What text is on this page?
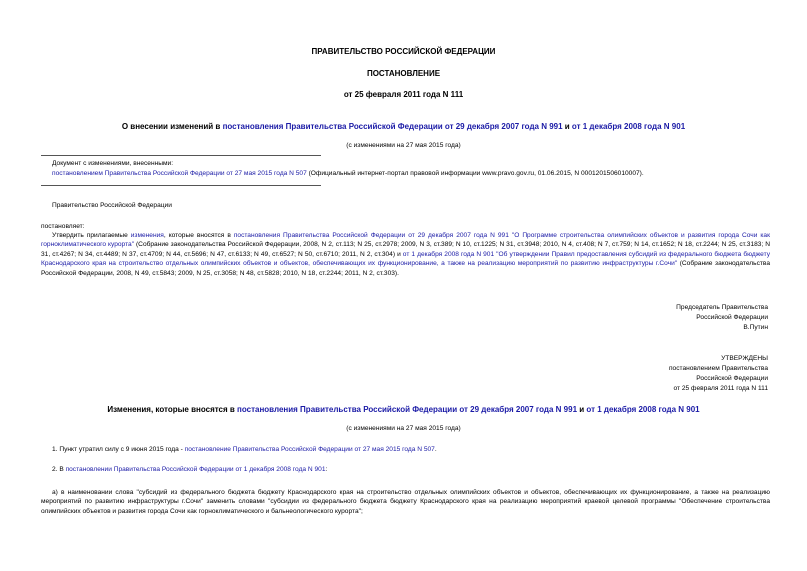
ПРАВИТЕЛЬСТВО РОССИЙСКОЙ ФЕДЕРАЦИИ
ПОСТАНОВЛЕНИЕ
от 25 февраля 2011 года N 111
О внесении изменений в постановления Правительства Российской Федерации от 29 декабря 2007 года N 991 и от 1 декабря 2008 года N 901
(с изменениями на 27 мая 2015 года)
Документ с изменениями, внесенными:
постановлением Правительства Российской Федерации от 27 мая 2015 года N 507 (Официальный интернет-портал правовой информации www.pravo.gov.ru, 01.06.2015, N 0001201506010007).
Правительство Российской Федерации
постановляет:
Утвердить прилагаемые изменения, которые вносятся в постановления Правительства Российской Федерации от 29 декабря 2007 года N 991 "О Программе строительства олимпийских объектов и развития города Сочи как горноклиматического курорта" (Собрание законодательства Российской Федерации, 2008, N 2, ст.113; N 25, ст.2978; 2009, N 3, ст.389; N 10, ст.1225; N 31, ст.3948; 2010, N 4, ст.408; N 7, ст.759; N 14, ст.1652; N 18, ст.2244; N 25, ст.3183; N 31, ст.4267; N 34, ст.4489; N 37, ст.4709; N 44, ст.5696; N 47, ст.6133; N 49, ст.6527; N 50, ст.6710; 2011, N 2, ст.304) и от 1 декабря 2008 года N 901 "Об утверждении Правил предоставления субсидий из федерального бюджета бюджету Краснодарского края на строительство отдельных олимпийских объектов и объектов, обеспечивающих их функционирование, а также на реализацию мероприятий по развитию инфраструктуры г.Сочи" (Собрание законодательства Российской Федерации, 2008, N 49, ст.5843; 2009, N 25, ст.3058; N 48, ст.5828; 2010, N 18, ст.2244; 2011, N 2, ст.303).
Председатель Правительства
Российской Федерации
В.Путин
УТВЕРЖДЕНЫ
постановлением Правительства
Российской Федерации
от 25 февраля 2011 года N 111
Изменения, которые вносятся в постановления Правительства Российской Федерации от 29 декабря 2007 года N 991 и от 1 декабря 2008 года N 901
(с изменениями на 27 мая 2015 года)
1. Пункт утратил силу с 9 июня 2015 года - постановление Правительства Российской Федерации от 27 мая 2015 года N 507.
2. В постановлении Правительства Российской Федерации от 1 декабря 2008 года N 901:
а) в наименовании слова "субсидий из федерального бюджета бюджету Краснодарского края на строительство отдельных олимпийских объектов и объектов, обеспечивающих их функционирование, а также на реализацию мероприятий по развитию инфраструктуры г.Сочи" заменить словами "субсидии из федерального бюджета бюджету Краснодарского края на реализацию мероприятий краевой целевой программы "Обеспечение строительства олимпийских объектов и развития города Сочи как горноклиматического и бальнеологического курорта";
